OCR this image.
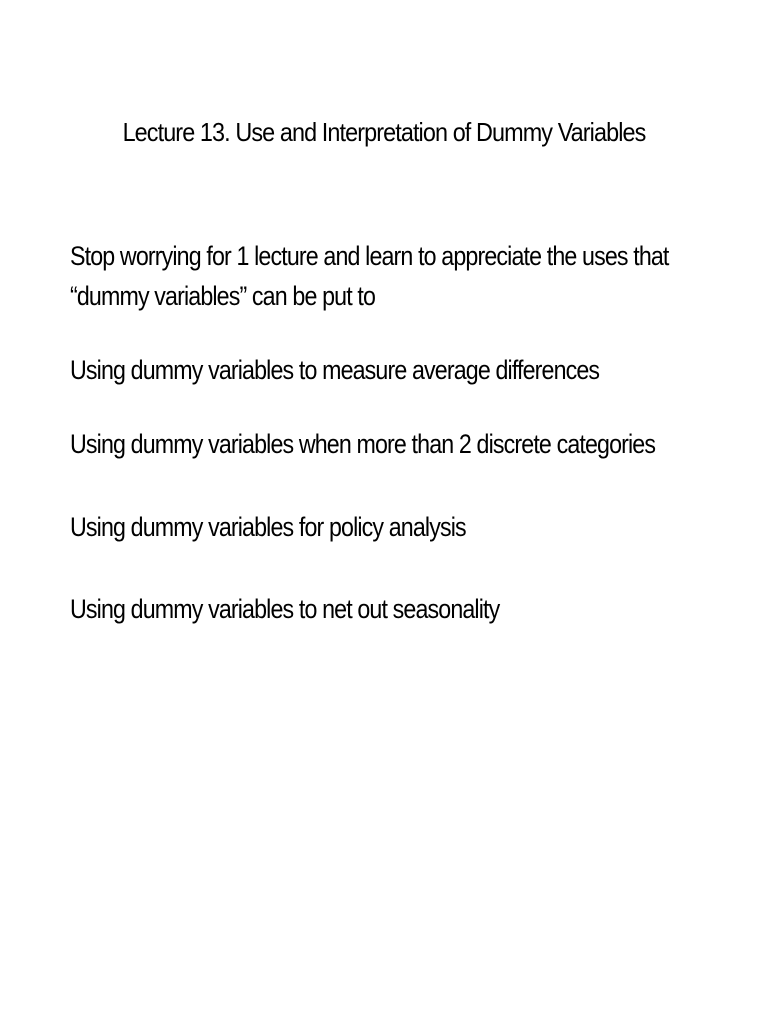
Lecture 13. Use and Interpretation of Dummy Variables
Stop worrying for 1 lecture and learn to appreciate the uses that
“dummy variables” can be put to
Using dummy variables to measure average differences
Using dummy variables when more than 2 discrete categories
Using dummy variables for policy analysis
Using dummy variables to net out seasonality
